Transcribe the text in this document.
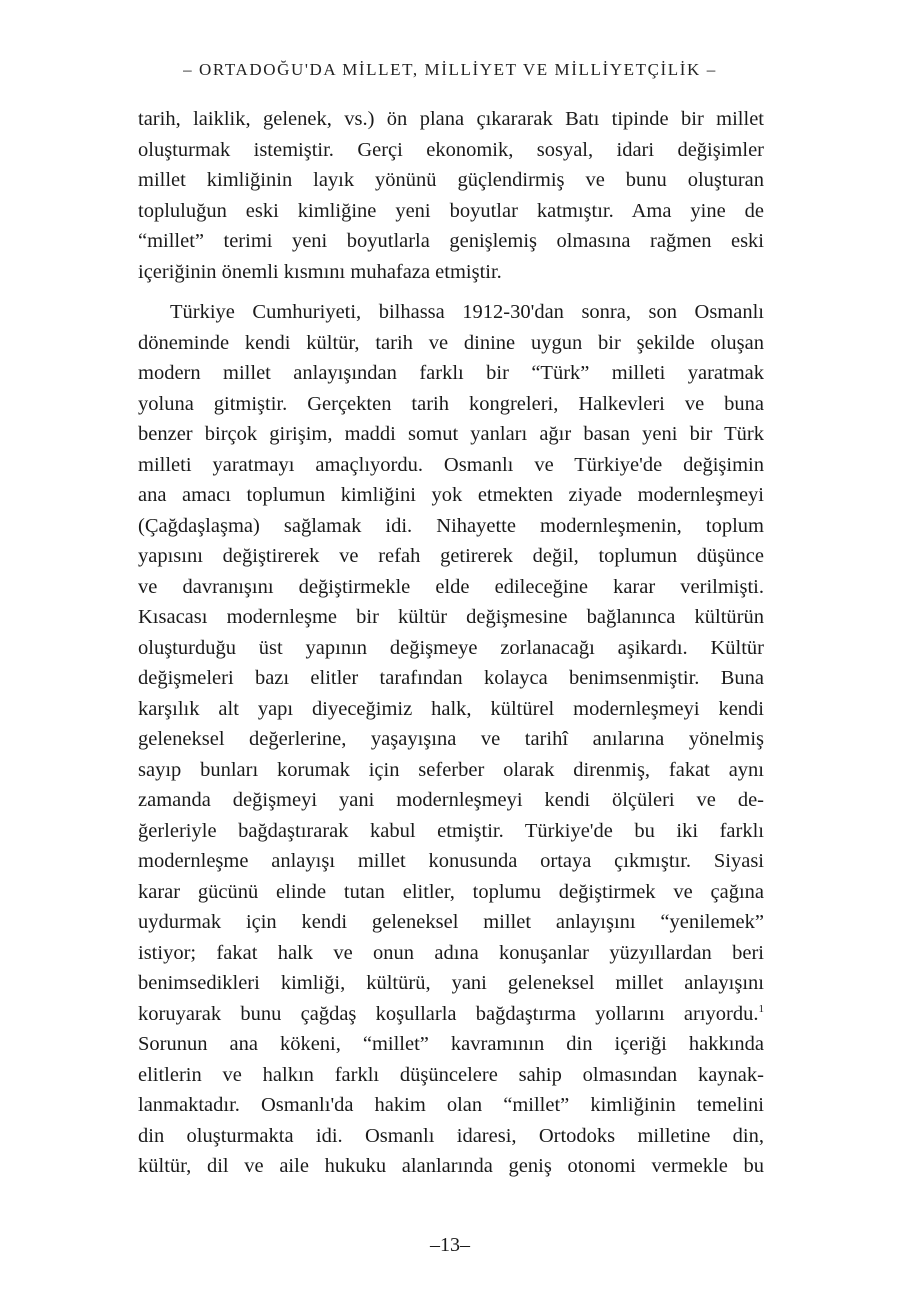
– ORTADOĞU'DA MİLLET, MİLLİYET VE MİLLİYETÇİLİK –
tarih, laiklik, gelenek, vs.) ön plana çıkararak Batı tipinde bir millet
oluşturmak istemiştir. Gerçi ekonomik, sosyal, idari değişimler
millet kimliğinin layık yönünü güçlendirmiş ve bunu oluşturan
topluluğun eski kimliğine yeni boyutlar katmıştır. Ama yine de
“millet” terimi yeni boyutlarla genişlemiş olmasına rağmen eski
içeriğinin önemli kısmını muhafaza etmiştir.
Türkiye Cumhuriyeti, bilhassa 1912-30'dan sonra, son Osmanlı
döneminde kendi kültür, tarih ve dinine uygun bir şekilde oluşan
modern millet anlayışından farklı bir “Türk” milleti yaratmak
yoluna gitmiştir. Gerçekten tarih kongreleri, Halkevleri ve buna
benzer birçok girişim, maddi somut yanları ağır basan yeni bir Türk
milleti yaratmayı amaçlıyordu. Osmanlı ve Türkiye'de değişimin
ana amacı toplumun kimliğini yok etmekten ziyade modernleşmeyi
(Çağdaşlaşma) sağlamak idi. Nihayette modernleşmenin, toplum
yapısını değiştirerek ve refah getirerek değil, toplumun düşünce
ve davranışını değiştirmekle elde edileceğine karar verilmişti.
Kısacası modernleşme bir kültür değişmesine bağlanınca kültürün
oluşturduğu üst yapının değişmeye zorlanacağı aşikardı. Kültür
değişmeleri bazı elitler tarafından kolayca benimsenmiştir. Buna
karşılık alt yapı diyeceğimiz halk, kültürel modernleşmeyi kendi
geleneksel değerlerine, yaşayışına ve tarihî anılarına yönelmiş
sayıp bunları korumak için seferber olarak direnmiş, fakat aynı
zamanda değişmeyi yani modernleşmeyi kendi ölçüleri ve de-
ğerleriyle bağdaştırarak kabul etmiştir. Türkiye'de bu iki farklı
modernleşme anlayışı millet konusunda ortaya çıkmıştır. Siyasi
karar gücünü elinde tutan elitler, toplumu değiştirmek ve çağına
uydurmak için kendi geleneksel millet anlayışını “yenilemek”
istiyor; fakat halk ve onun adına konuşanlar yüzyıllardan beri
benimsedikleri kimliği, kültürü, yani geleneksel millet anlayışını
koruyarak bunu çağdaş koşullarla bağdaştırma yollarını arıyordu.$^1$
Sorunun ana kökeni, “millet” kavramının din içeriği hakkında
elitlerin ve halkın farklı düşüncelere sahip olmasından kaynak-
lanmaktadır. Osmanlı'da hakim olan “millet” kimliğinin temelini
din oluşturmakta idi. Osmanlı idaresi, Ortodoks milletine din,
kültür, dil ve aile hukuku alanlarında geniş otonomi vermekle bu
–13–
